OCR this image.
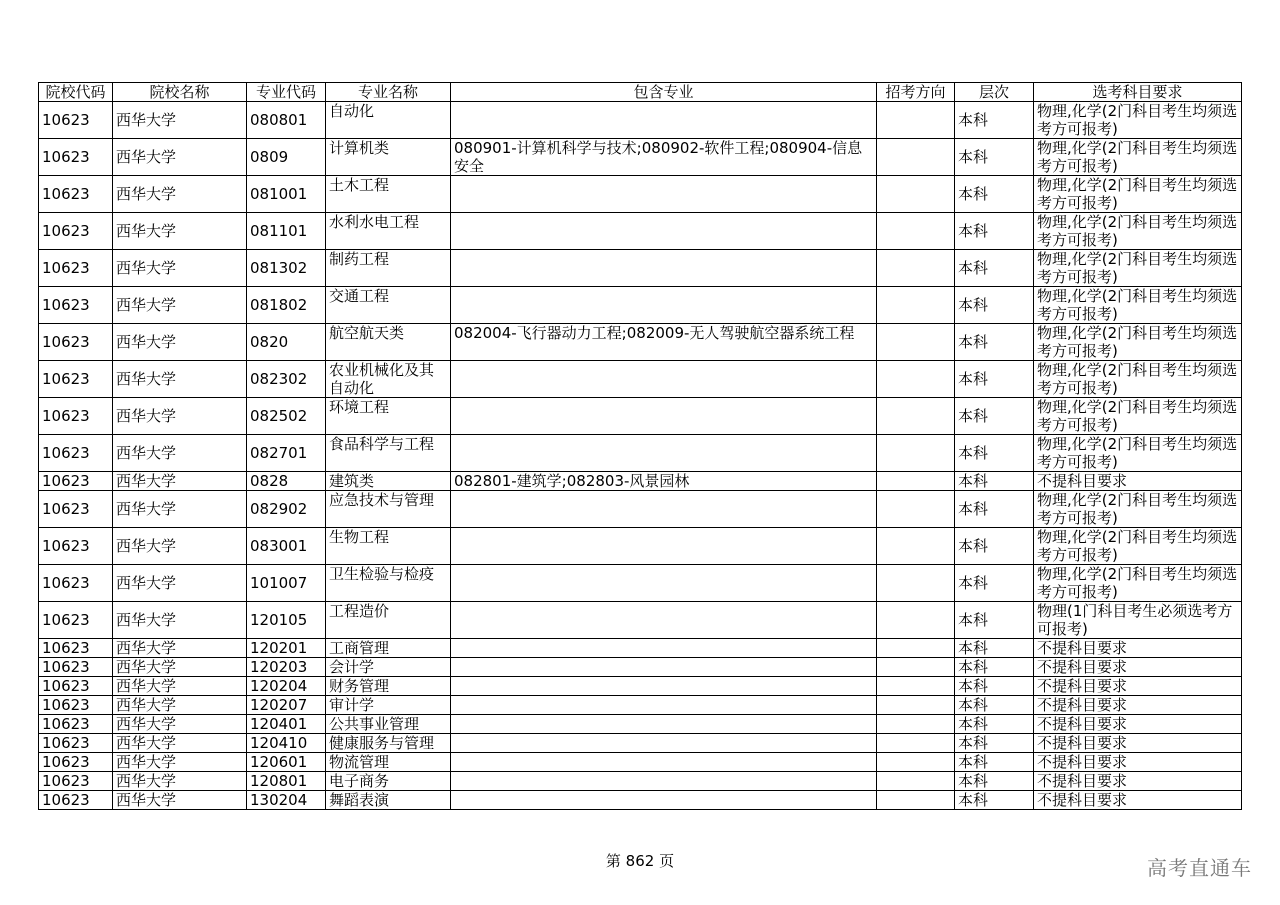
院校代码	院校名称	专业代码	专业名称	包含专业	招考方向	层次	选考科目要求
10623	西华大学	080801	自动化			本科	物理,化学(2门科目考生均须选考方可报考)
10623	西华大学	0809	计算机类	080901-计算机科学与技术;080902-软件工程;080904-信息安全		本科	物理,化学(2门科目考生均须选考方可报考)
10623	西华大学	081001	土木工程			本科	物理,化学(2门科目考生均须选考方可报考)
10623	西华大学	081101	水利水电工程			本科	物理,化学(2门科目考生均须选考方可报考)
10623	西华大学	081302	制药工程			本科	物理,化学(2门科目考生均须选考方可报考)
10623	西华大学	081802	交通工程			本科	物理,化学(2门科目考生均须选考方可报考)
10623	西华大学	0820	航空航天类	082004-飞行器动力工程;082009-无人驾驶航空器系统工程		本科	物理,化学(2门科目考生均须选考方可报考)
10623	西华大学	082302	农业机械化及其自动化			本科	物理,化学(2门科目考生均须选考方可报考)
10623	西华大学	082502	环境工程			本科	物理,化学(2门科目考生均须选考方可报考)
10623	西华大学	082701	食品科学与工程			本科	物理,化学(2门科目考生均须选考方可报考)
10623	西华大学	0828	建筑类	082801-建筑学;082803-风景园林		本科	不提科目要求
10623	西华大学	082902	应急技术与管理			本科	物理,化学(2门科目考生均须选考方可报考)
10623	西华大学	083001	生物工程			本科	物理,化学(2门科目考生均须选考方可报考)
10623	西华大学	101007	卫生检验与检疫			本科	物理,化学(2门科目考生均须选考方可报考)
10623	西华大学	120105	工程造价			本科	物理(1门科目考生必须选考方可报考)
10623	西华大学	120201	工商管理			本科	不提科目要求
10623	西华大学	120203	会计学			本科	不提科目要求
10623	西华大学	120204	财务管理			本科	不提科目要求
10623	西华大学	120207	审计学			本科	不提科目要求
10623	西华大学	120401	公共事业管理			本科	不提科目要求
10623	西华大学	120410	健康服务与管理			本科	不提科目要求
10623	西华大学	120601	物流管理			本科	不提科目要求
10623	西华大学	120801	电子商务			本科	不提科目要求
10623	西华大学	130204	舞蹈表演			本科	不提科目要求
第 862 页	高考直通车
